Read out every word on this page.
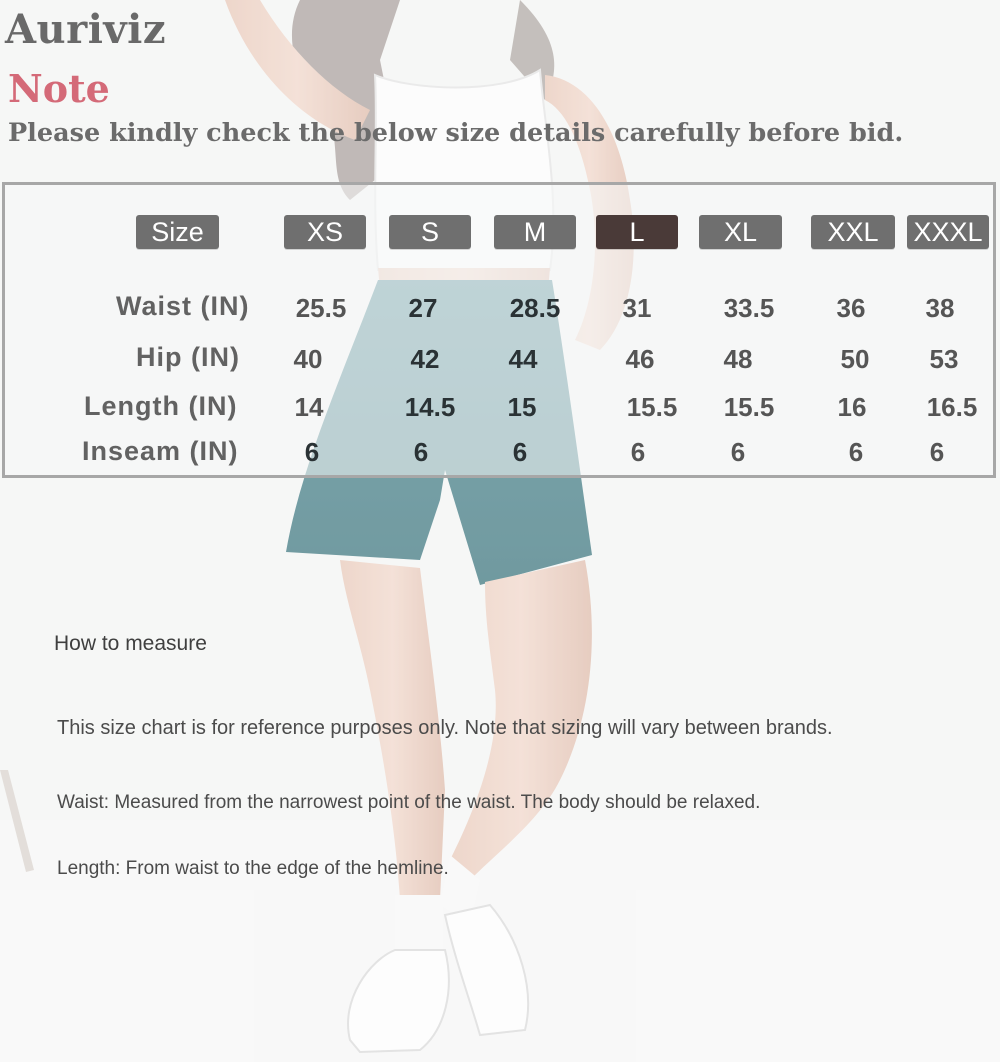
Auriviz
Note
Please kindly check the below size details carefully before bid.
Size	XS	S	M	L	XL	XXL	XXXL
Waist (IN)	25.5	27	28.5	31	33.5	36	38
Hip (IN)	40	42	44	46	48	50	53
Length (IN)	14	14.5	15	15.5	15.5	16	16.5
Inseam (IN)	6	6	6	6	6	6	6
How to measure
This size chart is for reference purposes only. Note that sizing will vary between brands.
Waist: Measured from the narrowest point of the waist. The body should be relaxed.
Length: From waist to the edge of the hemline.
